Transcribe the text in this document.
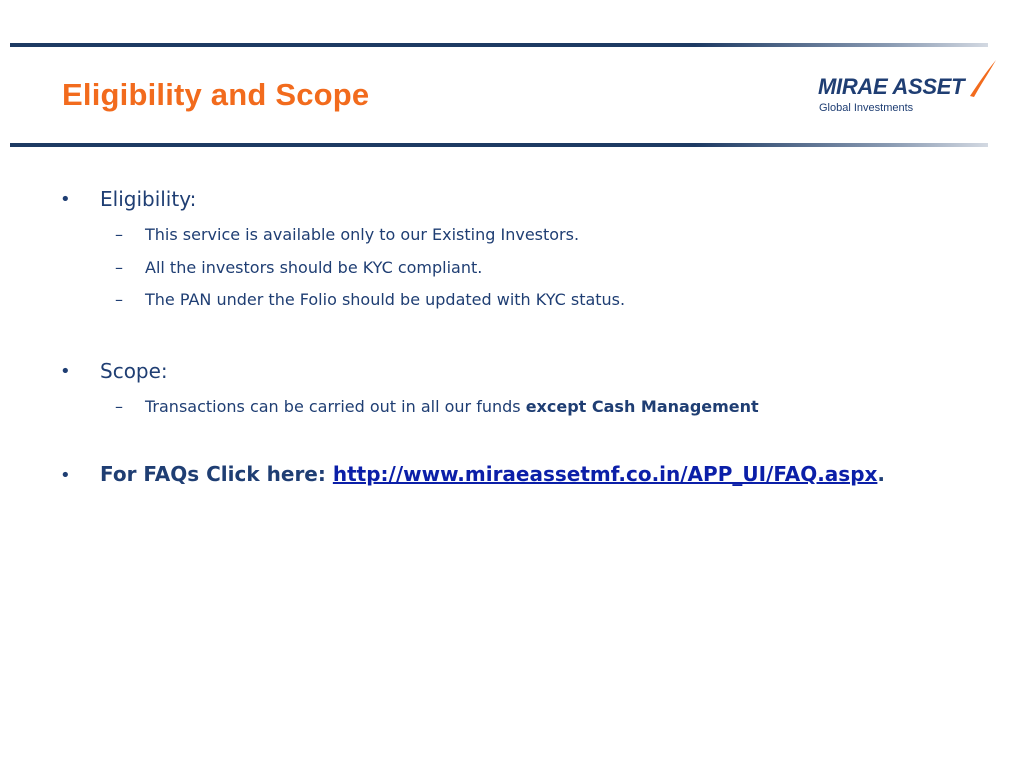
Eligibility and Scope	MIRAE ASSET
Global Investments
• Eligibility:
– This service is available only to our Existing Investors.
– All the investors should be KYC compliant.
– The PAN under the Folio should be updated with KYC status.
• Scope:
– Transactions can be carried out in all our funds except Cash Management
• For FAQs Click here: http://www.miraeassetmf.co.in/APP_UI/FAQ.aspx.
